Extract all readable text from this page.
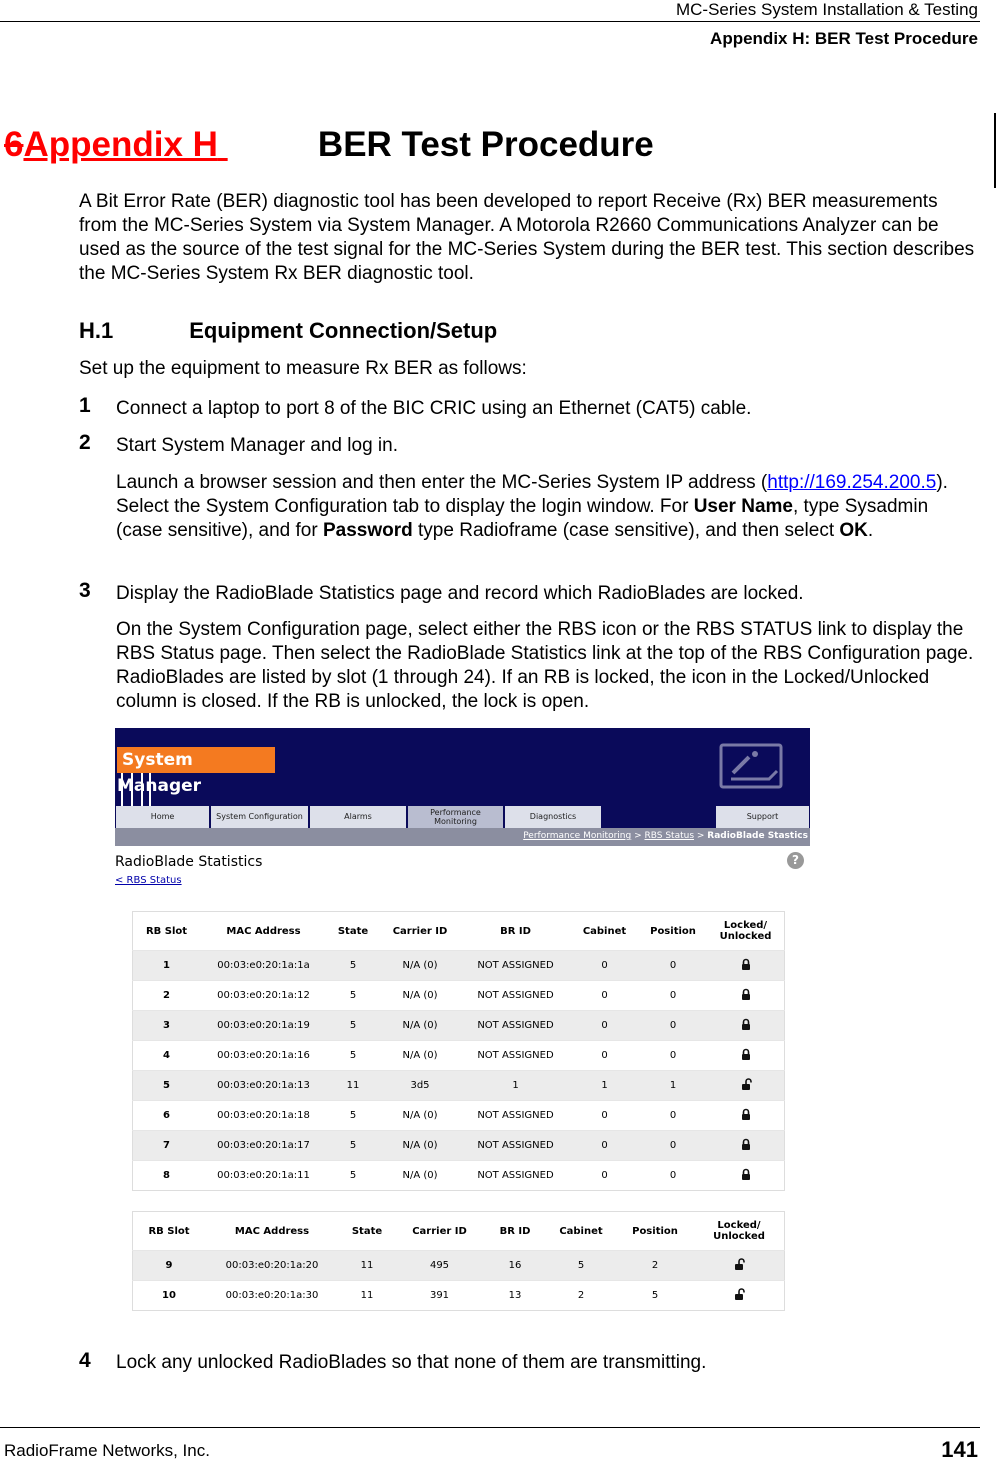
MC-Series System Installation & Testing
Appendix H: BER Test Procedure
6Appendix H	BER Test Procedure
A Bit Error Rate (BER) diagnostic tool has been developed to report Receive (Rx) BER measurements from the MC-Series System via System Manager. A Motorola R2660 Communications Analyzer can be used as the source of the test signal for the MC-Series System during the BER test. This section describes the MC-Series System Rx BER diagnostic tool.
H.1	Equipment Connection/Setup
Set up the equipment to measure Rx BER as follows:
1 Connect a laptop to port 8 of the BIC CRIC using an Ethernet (CAT5) cable.
2 Start System Manager and log in.
Launch a browser session and then enter the MC-Series System IP address (http://169.254.200.5). Select the System Configuration tab to display the login window. For User Name, type Sysadmin (case sensitive), and for Password type Radioframe (case sensitive), and then select OK.
3 Display the RadioBlade Statistics page and record which RadioBlades are locked.
On the System Configuration page, select either the RBS icon or the RBS STATUS link to display the RBS Status page. Then select the RadioBlade Statistics link at the top of the RBS Configuration page. RadioBlades are listed by slot (1 through 24). If an RB is locked, the icon in the Locked/Unlocked column is closed. If the RB is unlocked, the lock is open.
System Manager
Home	System Configuration	Alarms	Performance
Monitoring
Diagnostics	Support
Performance Monitoring > RBS Status > RadioBlade Stastics
RadioBlade Statistics
< RBS Status
?
RB Slot	MAC Address	State	Carrier ID	BR ID	Cabinet	Position	Locked/
Unlocked
1	00:03:e0:20:1a:1a	5	N/A (0)	NOT ASSIGNED	0	0	
2	00:03:e0:20:1a:12	5	N/A (0)	NOT ASSIGNED	0	0	
3	00:03:e0:20:1a:19	5	N/A (0)	NOT ASSIGNED	0	0	
4	00:03:e0:20:1a:16	5	N/A (0)	NOT ASSIGNED	0	0	
5	00:03:e0:20:1a:13	11	3d5	1	1	1	
6	00:03:e0:20:1a:18	5	N/A (0)	NOT ASSIGNED	0	0	
7	00:03:e0:20:1a:17	5	N/A (0)	NOT ASSIGNED	0	0	
8	00:03:e0:20:1a:11	5	N/A (0)	NOT ASSIGNED	0	0	
RB Slot	MAC Address	State	Carrier ID	BR ID	Cabinet	Position	Locked/
Unlocked
9	00:03:e0:20:1a:20	11	495	16	5	2	
10	00:03:e0:20:1a:30	11	391	13	2	5	
4 Lock any unlocked RadioBlades so that none of them are transmitting.
RadioFrame Networks, Inc.	141
